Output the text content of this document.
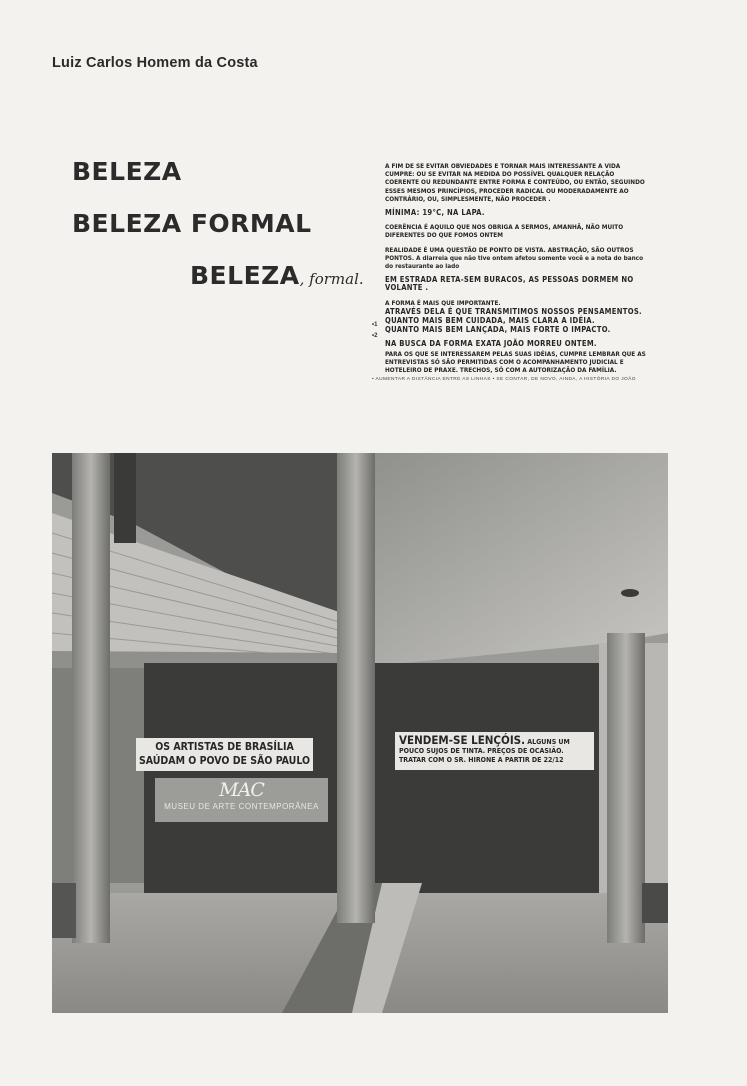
Luiz Carlos Homem da Costa
BELEZA
BELEZA FORMAL
BELEZA, formal.

A FIM DE SE EVITAR OBVIEDADES E TORNAR MAIS INTERESSANTE A VIDA CUMPRE: OU SE EVITAR NA MEDIDA DO POSSÍVEL QUALQUER RELAÇÃO COERENTE OU REDUNDANTE ENTRE FORMA E CONTEÚDO, OU ENTÃO, SEGUINDO ESSES MESMOS PRINCÍPIOS, PROCEDER RADICAL OU MODERADAMENTE AO CONTRÁRIO, OU, SIMPLESMENTE, NÃO PROCEDER .

MÍNIMA: 19°C, NA LAPA.

COERÊNCIA É AQUILO QUE NOS OBRIGA A SERMOS, AMANHÃ, NÃO MUITO DIFERENTES DO QUE FOMOS ONTEM

REALIDADE É UMA QUESTÃO DE PONTO DE VISTA. ABSTRAÇÃO, SÃO OUTROS PONTOS. A diarreia que não tive ontem afetou somente você e a nota do banco do restaurante ao lado

EM ESTRADA RETA-SEM BURACOS, AS PESSOAS DORMEM NO VOLANTE .

A FORMA É MAIS QUE IMPORTANTE.

ATRAVÉS DELA É QUE TRANSMITIMOS NOSSOS PENSAMENTOS.

QUANTO MAIS BEM CUIDADA, MAIS CLARA A IDÉIA.

QUANTO MAIS BEM LANÇADA, MAIS FORTE O IMPACTO.

NA BUSCA DA FORMA EXATA JOÃO MORREU ONTEM.

PARA OS QUE SE INTERESSAREM PELAS SUAS IDÉIAS, CUMPRE LEMBRAR QUE AS ENTREVISTAS SÓ SÃO PERMITIDAS COM O ACOMPANHAMENTO JUDICIAL E HOTELEIRO DE PRAXE. TRECHOS, SÓ COM A AUTORIZAÇÃO DA FAMÍLIA.

•1
•2
• AUMENTAR A DISTÂNCIA ENTRE AS LINHAS • SE CONTAR, DE NOVO, AINDA, A HISTÓRIA DO JOÃO
OS ARTISTAS DE BRASÍLIA
SAÚDAM O POVO DE SÃO PAULO
MAC
MUSEU DE ARTE CONTEMPORÂNEA
VENDEM-SE LENÇÓIS. ALGUNS UM POUCO SUJOS DE TINTA. PREÇOS DE OCASIÃO. TRATAR COM O SR. HIRONE A PARTIR DE 22/12
